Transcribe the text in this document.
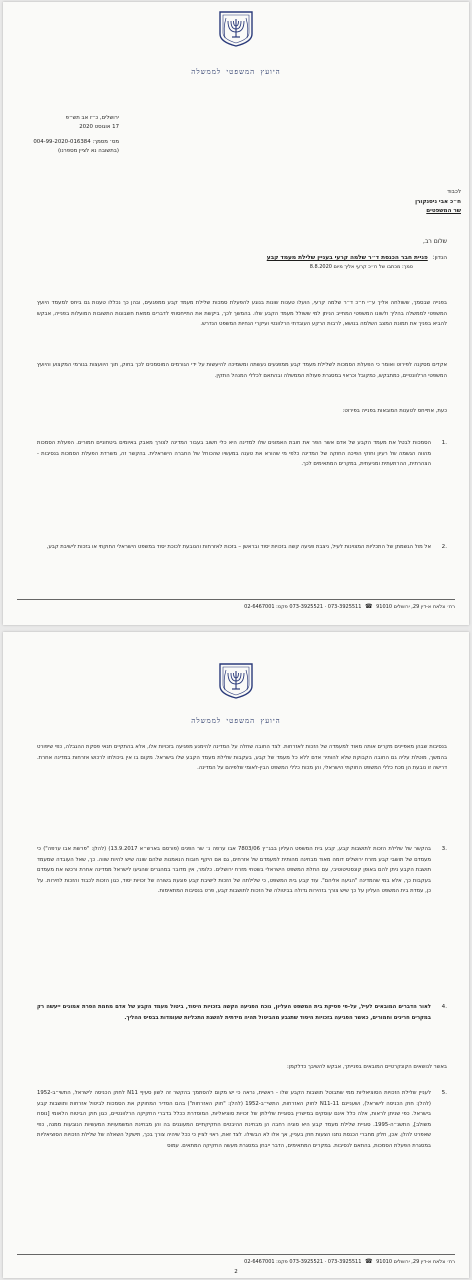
היועץ המשפטי לממשלה
ירושלים, כ״ז אב תש״פ
17 אוגוסט 2020
מס׳ מסמך: 004-99-2020-016384
(בתשובה נא לציין מספרנו)
לכבוד
ח״כ אבי ניסנקורן
שר המשפטים
שלום רב,
הנדון: פניית חבר הכנסת ד״ר שלמה קרעי בעניין שלילת מעמד קבע
סמך: מכתבו של ח״כ קרעי אליך מיום 8.8.2020
בפנייה שבסמך, ששולחה אליך ע״י ח״כ ד״ר שלמה קרעי, הועלו טענות שונות בנוגע להפעלת סמכות שלילת מעמד קבע ממפגעים, ובהן כך נכללו טענות גם ביחס למעמד היועץ המשפטי לממשלה בהליך ולשונו המשפטי המחייב הניתן למי ששולל מעמד הקבע שלו. בהמשך לכך, ביקשת את התייחסותי לדברים ממאת חשבונות התשובות המועלות בפנייה, אבקש להביא בפניך את תמונת המצב השלמה בנושא, לרבות הרקע העובדתי הרלוונטי ועיקרי הנחיות המשפט הנדרש.
אקדים מסקנה לפירוט ואומר כי הפעלת הסמכות לשלילת מעמד קבע ממפגעים נעשתה ומשמיכה להיעשות על ידי הגורמים המוסמכים לכך בחוק, תוך היוועצות בגורמי המקצוע והיועץ המשפטי הרלוונטיים, כמתבקש, כמקובל וכראוי במסגרת פעולת הממשלה ובהתאם לכללי המנהל התקין.
כעת, אתייחס לטענות המובאות בפנייה בפירוט:
.1
הסמכות לבטל את מעמד הקבע של אדם אשר הפר את חובת האמונים שלו למדינה היא כלי חשוב בעבור המדינה לצורך מאבק באיומים ביטחוניים חמורים. הפעלת הסמכות מהווה הגשמה של רעיון וחוקי הפיכה החוקה של המדינה כלפי מי שהורא את טענה במעשיו שהכוחל של החברה הישראלית. בהקשר זה, משרדת הפעלת הסמכות בנסיבות - הצהרתית, ההרתעתית ומניעתית, במקרים המתאימים לכך.
.2
אל מול הגשמתן של התכליות המצוינות לעיל, ניצבת פגיעה קשה בזכויות יסוד ובראשן – בזכות לאזרחות והנובעת לכוכת יסוד במשפט הישראלי החוקתי או בזכות לישיבת קבע,
רח׳ צלאח א-דין 29, ירושלים 91010 ☎ 073-3925511 · 073-3925521 פקס: 02-6467001
היועץ המשפטי לממשלה
בנסיבות שבהן מאפיינים מקרים אותה מאוד למעמדה של הזכות לאזרחות. לצד החובה שחלה על המדינה להימנע מפגיעה בזכויות אלו, אלא בהתקיים תנאי פסקת ההגבלה, כפי שיפורט בהמשך, מוטלת עליה גם החובה הקבוקת שלא להותיר אדם ללא כל מעמד של קבע, בעקבות שלילת מעמד הקבע שלו בישראל. מקום בו אין ביכולתו לרכוש אזרחות במדינה אחרת. דרישה זו נובעת הן מכח כללי המשפט החוקתי הישראלי, והן מכוח כללי המשפט הבין-לאומי שלפיהם על המדינה.
.3
בהקשר של שלילת הזכות לתושבות קבע, קבע בית המשפט העליון בבג״ץ 7803/06 אבו ערפה נ׳ שר הפנים (פורסם בארש״א 13.9.2017) (להלן: "פרשת אבו ערפה") כי מעמדם של תושבי קבע מזרח ירושלים דומה מאוד מבחינה מהותית למעמדם של אזרחים, גם אם היקף חובות הנאמנות שלהם שונה שיש להיות שווה. כך, שאל העובדה שמעמד תושבת הקבע ניתן להם באופן קונסטיטוטיבי, עם החלת המשפט הישראלי בשטחי מזרח ירושלים. כלומר, אין מדובר במהגרים שהגיעו לישראל ממדינה אחרת ורכשו את מעמדם בעקבות כך, אלא במי שהמדינה "הגיעה אליהם". עוד קבע בית המשפט, כי שלילתה של הזכות לישיבת קבע פוגעת בשורה של זכויות יסוד, כגון הזכות לכבוד והזכות לחירות. על כן, עמדת בית המשפט העליון על כך שיש צורך בזהירות גדולה בביטולה של הזכות לתושבות קבע, פרט בנסיבות המתאימות.
.4
לאור הדברים המובאים לעיל, על-פי פסיקת בית המשפט העליון, נוכח הפגיעה הקשה בזכויות היסוד, ביטול מעמד הקבע של אדם מחמת הפרת אמונים ייעשה רק במקרים חריגים וחמורים, כאשר הפגיעה בזכויות היסוד שתנבע מהביטול תהיה מידתית להשגת התכליות שעומדות בבסיס ההליך.
באשר לנושאים הקונקרטיים המובאים בפנייתך, אבקש להשיבך כדלקמן:
.5
לעניין שלילת הזכויות הסוציאליות ממי שתבוטל תושבות הקבע שלו - ראשית, נראה כי יש מקום להסתמך בהקשר זה לשון סעיף N11 לחוק הכניסה לישראל, התשי״ב-1952 (להלן: חוק הכניסה לישראל), ושעניינם 11-N11 לחוק האזרחות, התשי״ב-1952 (להלן: "חוק האזרחות") בהם הסדיר המחוקק את הסמכות לביטול אזרחות ותושבות קבע בישראל. כפי שניתן לראות, אלה כלל אינם עוסקים במישרין בסוגיית שלילתן של זכויות סוציאליות, המוסדרת ככלל בדברי החקיקה הרלוונטיים, כגון חוק הביטוח הלאומי [נוסח משולב], התשנ״ה-1995. סוגיית שלילת מעמד קבע היא סוגיה רחבה הן מבחינת ההיבטים החקיקתיים המעוגנים בה והן מבחינת המשמעויות המעשיות הנובעות ממנה, כפי שאפרט להלן. אכן, חלק מחברי הכנסת נתנו הצעות חוק בעניין, אך אלו לא הבשילו. לצד זאת, ראוי לציין כי ככל שיהיה צורך בכך, תישקל השאלה של שלילת הזכויות הסוציאליות במסגרת הפעלת הסמכות, בהתאם לנסיבות. במקרים המתאימים, הדבר ייבחן במסגרת מעשה החקיקה המתאים. עמוס
רח׳ צלאח א-דין 29, ירושלים 91010 ☎ 073-3925511 · 073-3925521 פקס: 02-6467001
2
